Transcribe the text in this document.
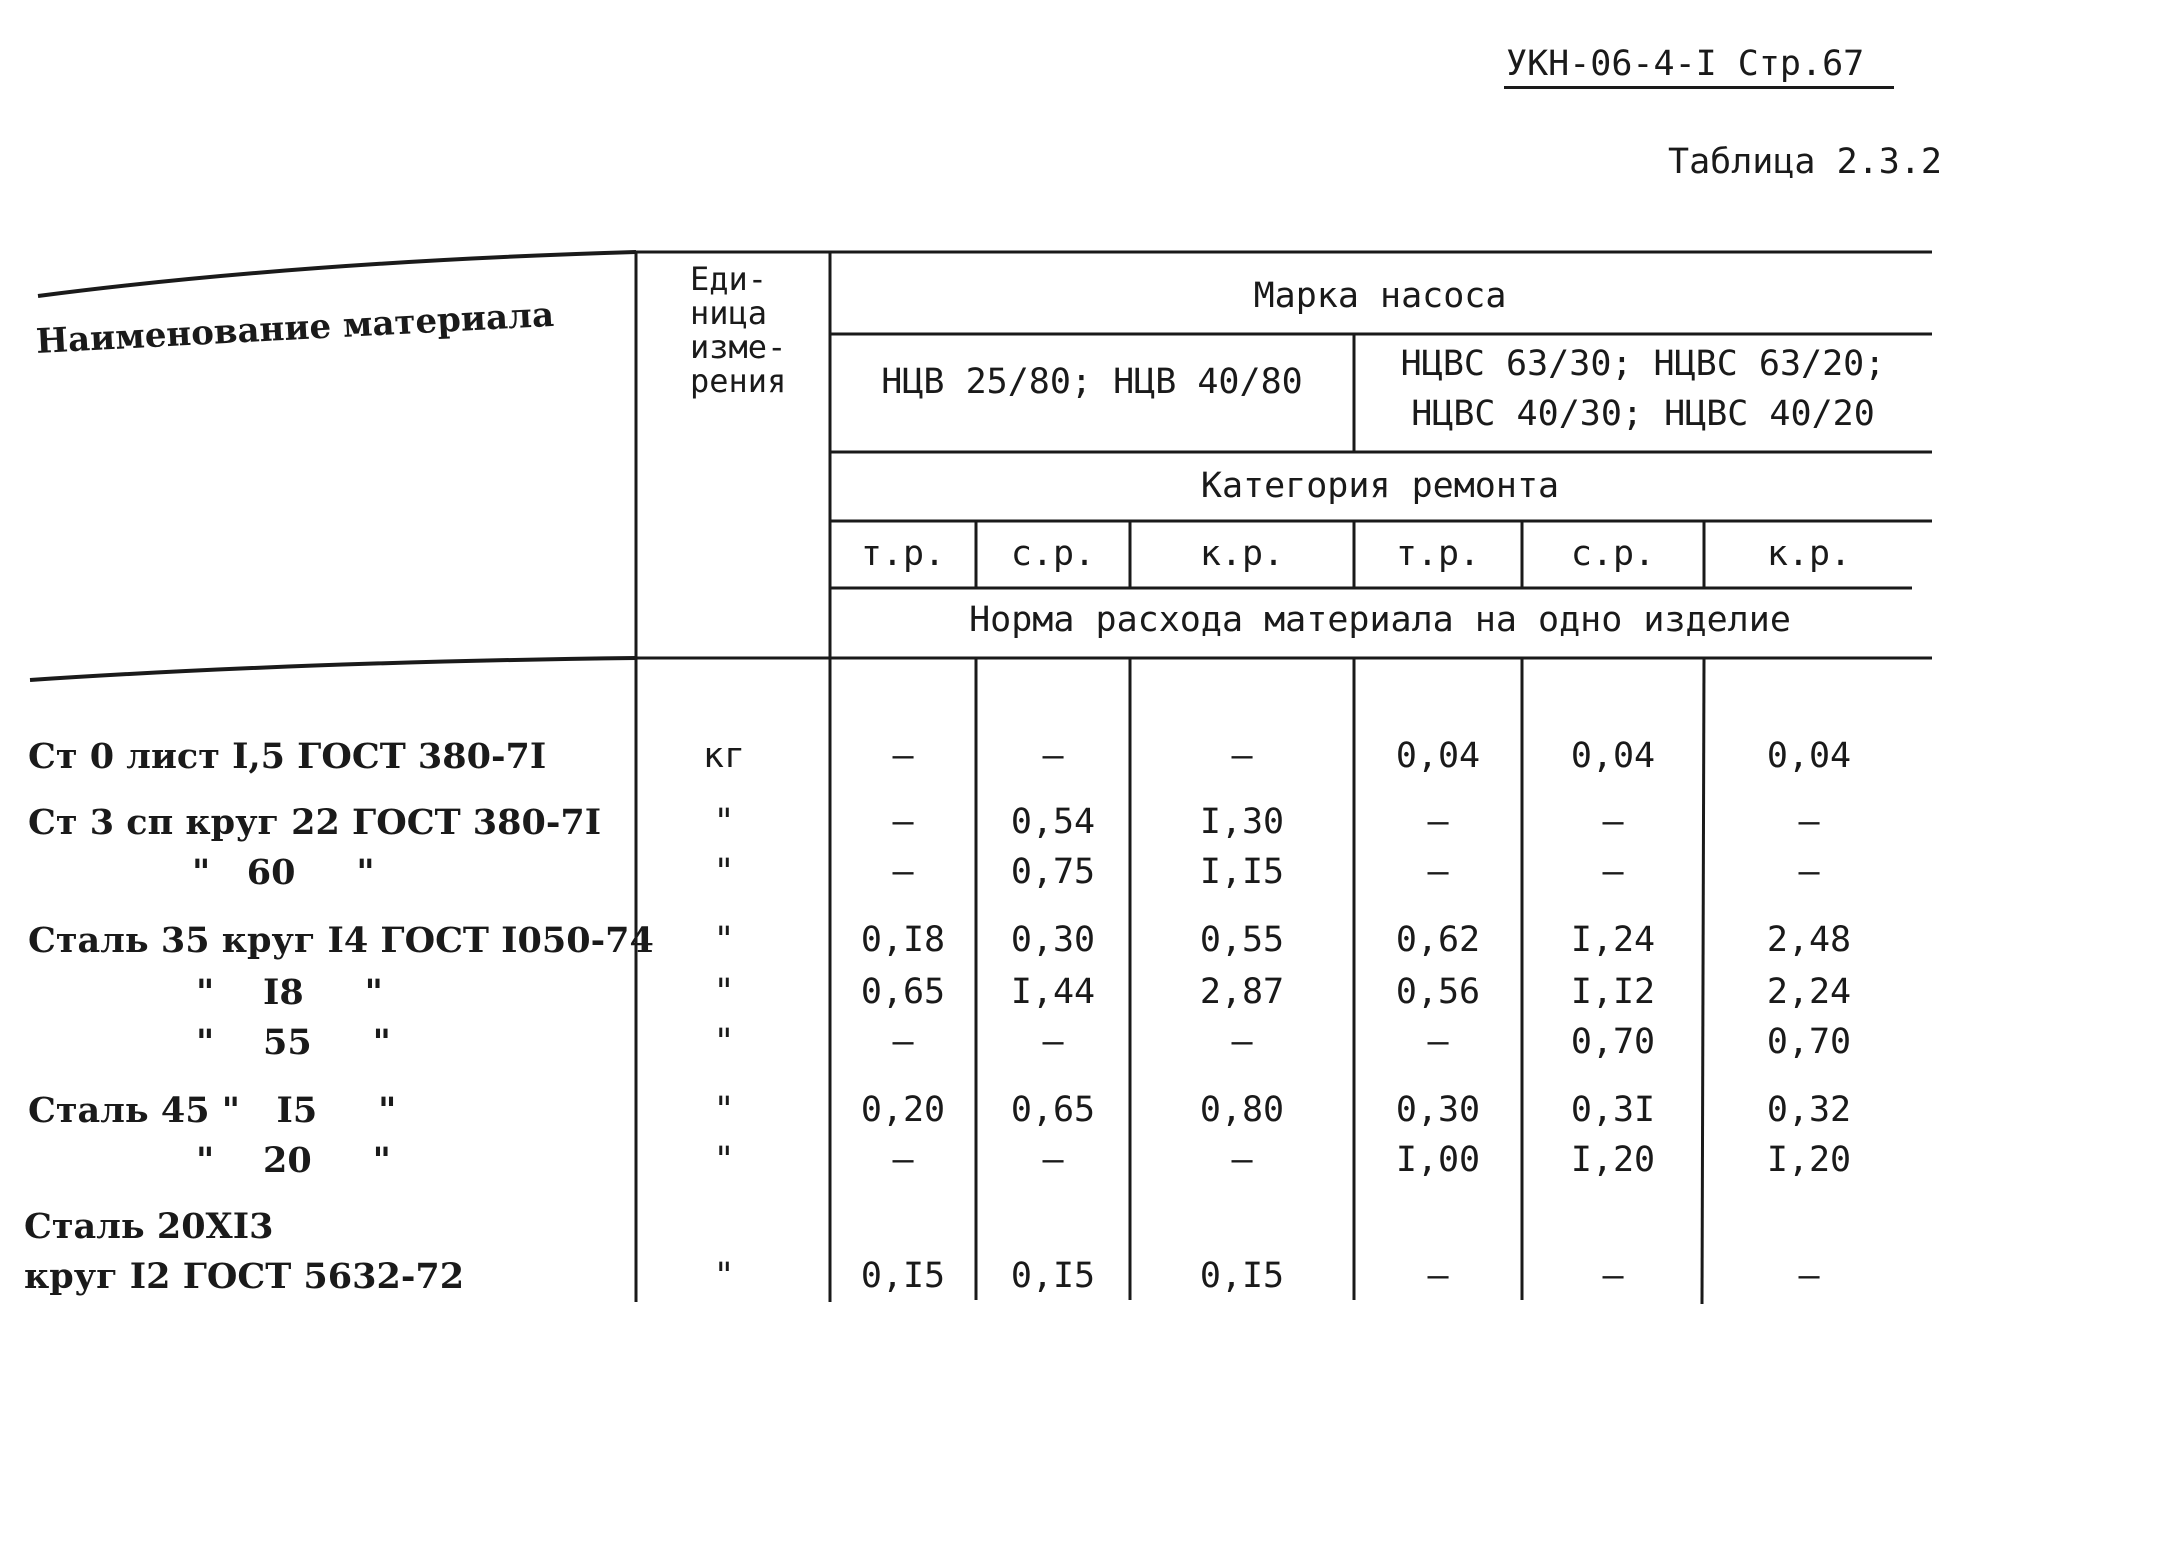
УКН-06-4-I Стр.67
Таблица 2.3.2
Наименование материала
Еди-
ница
изме-
рения
Марка насоса
НЦВ 25/80; НЦВ 40/80	НЦВС 63/30; НЦВС 63/20;
НЦВС 40/30; НЦВС 40/20
Категория ремонта
т.р.	с.р.	к.р.	т.р.	с.р.	к.р.
Норма расхода материала на одно изделие
Ст 0 лист I,5 ГОСТ 380-7I	кг	–	–	–	0,04	0,04	0,04
Ст 3 сп круг 22 ГОСТ 380-7I	"	–	0,54	I,30	–	–	–
"   60     "	"	–	0,75	I,I5	–	–	–
Сталь 35 круг I4 ГОСТ I050-74	"	0,I8	0,30	0,55	0,62	I,24	2,48
"    I8     "	"	0,65	I,44	2,87	0,56	I,I2	2,24
"    55     "	"	–	–	–	–	0,70	0,70
Сталь 45 "   I5     "	"	0,20	0,65	0,80	0,30	0,3I	0,32
"    20     "	"	–	–	–	I,00	I,20	I,20
Сталь 20XI3
круг I2 ГОСТ 5632-72	"	0,I5	0,I5	0,I5	–	–	–
